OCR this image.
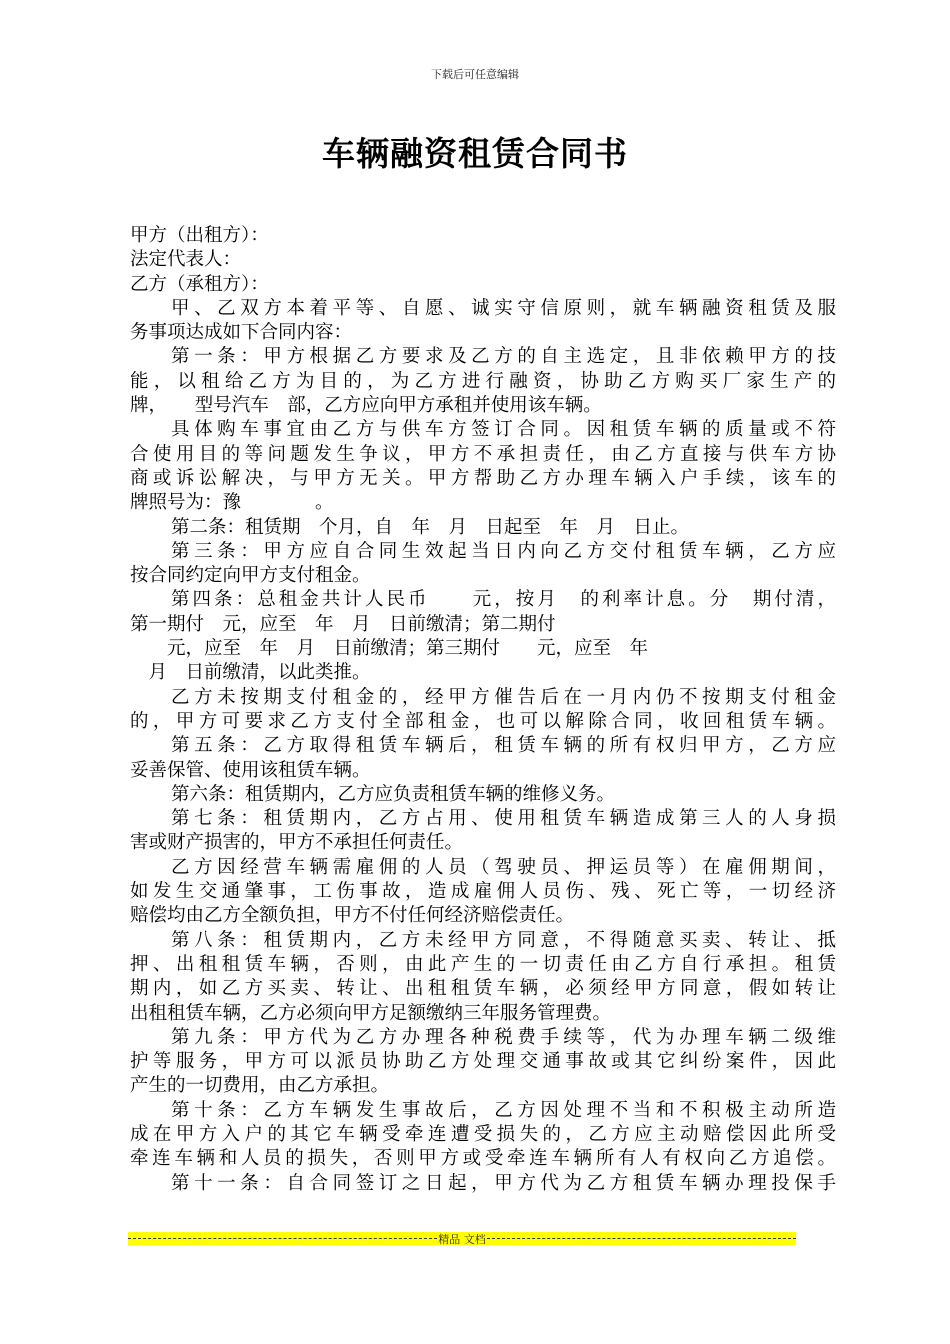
下载后可任意编辑
车辆融资租赁合同书
甲方（出租方）：
法定代表人：
乙方（承租方）：
甲、乙双方本着平等、自愿、诚实守信原则，就车辆融资租赁及服
务事项达成如下合同内容：
第一条：甲方根据乙方要求及乙方的自主选定，且非依赖甲方的技
能，以租给乙方为目的，为乙方进行融资，协助乙方购买厂家生产的
牌，　　型号汽车　部，乙方应向甲方承租并使用该车辆。
具体购车事宜由乙方与供车方签订合同。因租赁车辆的质量或不符
合使用目的等问题发生争议，甲方不承担责任，由乙方直接与供车方协
商或诉讼解决，与甲方无关。甲方帮助乙方办理车辆入户手续，该车的
牌照号为：豫　　　　。
第二条：租赁期　个月，自　年　月　日起至　年　月　日止。
第三条：甲方应自合同生效起当日内向乙方交付租赁车辆，乙方应
按合同约定向甲方支付租金。
第四条：总租金共计人民币　　元，按月　的利率计息。分　期付清，
第一期付　元，应至　年　月　日前缴清；第二期付
　　元，应至　年　月　日前缴清；第三期付　　元，应至　年
　月　日前缴清，以此类推。
乙方未按期支付租金的，经甲方催告后在一月内仍不按期支付租金
的，甲方可要求乙方支付全部租金，也可以解除合同，收回租赁车辆。
第五条：乙方取得租赁车辆后，租赁车辆的所有权归甲方，乙方应
妥善保管、使用该租赁车辆。
第六条：租赁期内，乙方应负责租赁车辆的维修义务。
第七条：租赁期内，乙方占用、使用租赁车辆造成第三人的人身损
害或财产损害的，甲方不承担任何责任。
乙方因经营车辆需雇佣的人员（驾驶员、押运员等）在雇佣期间，
如发生交通肇事，工伤事故，造成雇佣人员伤、残、死亡等，一切经济
赔偿均由乙方全额负担，甲方不付任何经济赔偿责任。
第八条：租赁期内，乙方未经甲方同意，不得随意买卖、转让、抵
押、出租租赁车辆，否则，由此产生的一切责任由乙方自行承担。租赁
期内，如乙方买卖、转让、出租租赁车辆，必须经甲方同意，假如转让
出租租赁车辆，乙方必须向甲方足额缴纳三年服务管理费。
第九条：甲方代为乙方办理各种税费手续等，代为办理车辆二级维
护等服务，甲方可以派员协助乙方处理交通事故或其它纠纷案件，因此
产生的一切费用，由乙方承担。
第十条：乙方车辆发生事故后，乙方因处理不当和不积极主动所造
成在甲方入户的其它车辆受牵连遭受损失的，乙方应主动赔偿因此所受
牵连车辆和人员的损失，否则甲方或受牵连车辆所有人有权向乙方追偿。
第十一条：自合同签订之日起，甲方代为乙方租赁车辆办理投保手
精品 文档
